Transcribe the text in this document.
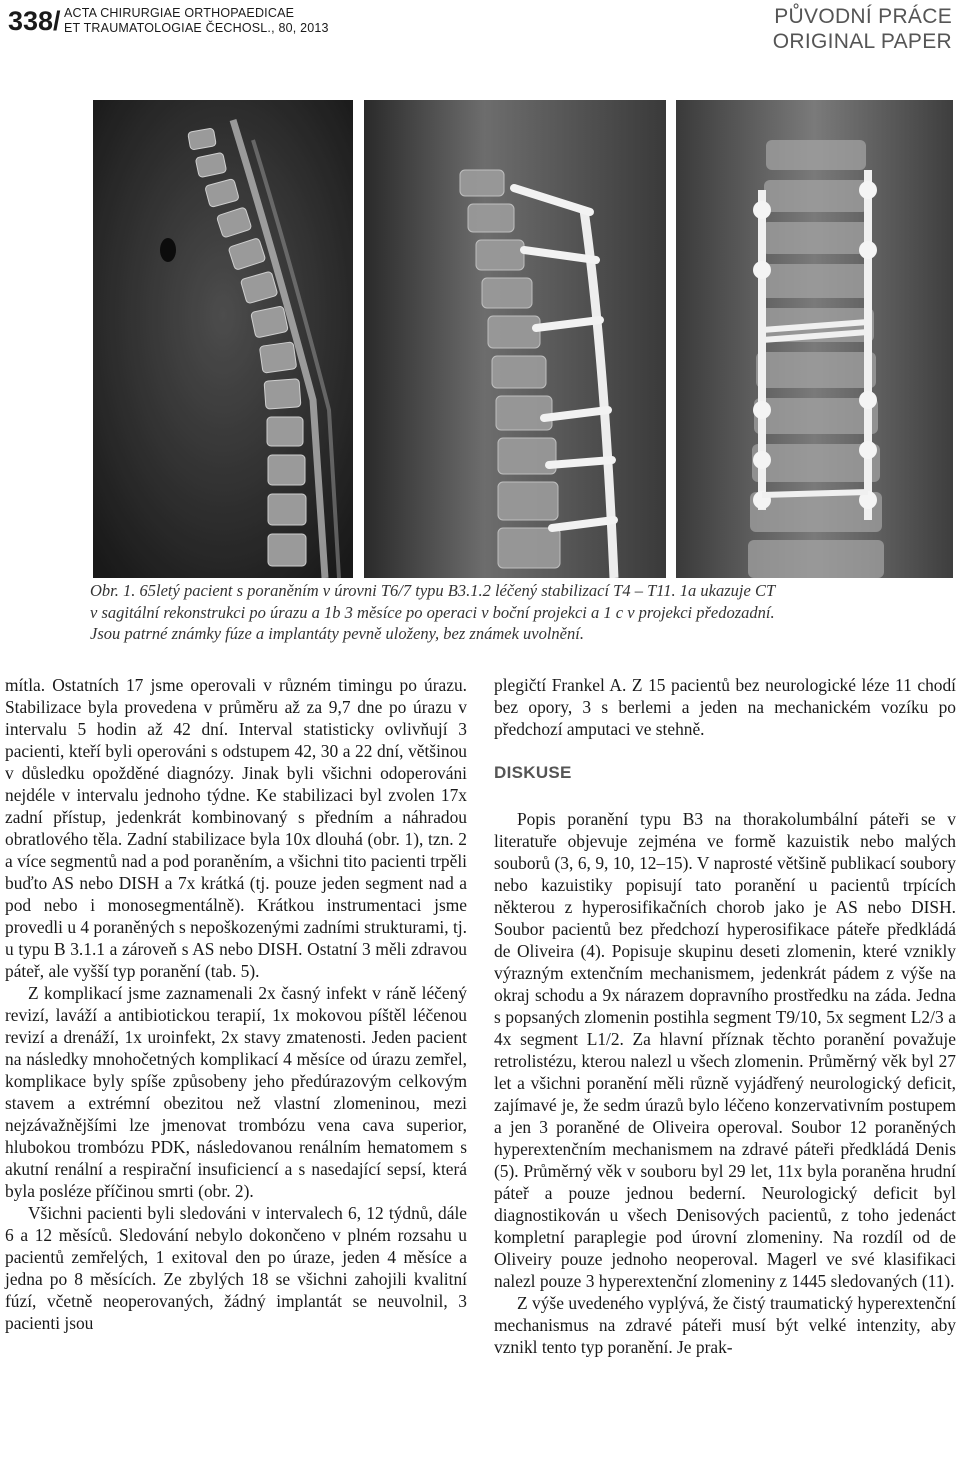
338/ ACTA CHIRURGIAE ORTHOPAEDICAE
ET TRAUMATOLOGIAE ČECHOSL., 80, 2013	PŮVODNÍ PRÁCE
ORIGINAL PAPER
Obr. 1. 65letý pacient s poraněním v úrovni T6/7 typu B3.1.2 léčený stabilizací T4 – T11. 1a ukazuje CT
v sagitální rekonstrukci po úrazu a 1b 3 měsíce po operaci v boční projekci a 1 c v projekci předozadní.
Jsou patrné známky fúze a implantáty pevně uloženy, bez známek uvolnění.

mítla. Ostatních 17 jsme operovali v různém timingu po úrazu. Stabilizace byla provedena v průměru až za 9,7 dne po úrazu v intervalu 5 hodin až 42 dní. Interval statisticky ovlivňují 3 pacienti, kteří byli operováni s odstupem 42, 30 a 22 dní, většinou v důsledku opožděné diagnózy. Jinak byli všichni odoperováni nejdéle v intervalu jednoho týdne. Ke stabilizaci byl zvolen 17x zadní přístup, jedenkrát kombinovaný s předním a náhradou obratlového těla. Zadní stabilizace byla 10x dlouhá (obr. 1), tzn. 2 a více segmentů nad a pod poraněním, a všichni tito pacienti trpěli buďto AS nebo DISH a 7x krátká (tj. pouze jeden segment nad a pod nebo i monosegmentálně). Krátkou instrumentaci jsme provedli u 4 poraněných s nepoškozenými zadními strukturami, tj. u typu B 3.1.1 a zároveň s AS nebo DISH. Ostatní 3 měli zdravou páteř, ale vyšší typ poranění (tab. 5).

Z komplikací jsme zaznamenali 2x časný infekt v ráně léčený revizí, laváží a antibiotickou terapií, 1x mokovou píštěl léčenou revizí a drenáží, 1x uroinfekt, 2x stavy zmatenosti. Jeden pacient na následky mnohočetných komplikací 4 měsíce od úrazu zemřel, komplikace byly spíše způsobeny jeho předúrazovým celkovým stavem a extrémní obezitou než vlastní zlomeninou, mezi nejzávažnějšími lze jmenovat trombózu vena cava superior, hlubokou trombózu PDK, následovanou renálním hematomem s akutní renální a respirační insuficiencí a s nasedající sepsí, která byla posléze příčinou smrti (obr. 2).

Všichni pacienti byli sledováni v intervalech 6, 12 týdnů, dále 6 a 12 měsíců. Sledování nebylo dokončeno v plném rozsahu u pacientů zemřelých, 1 exitoval den po úraze, jeden 4 měsíce a jedna po 8 měsících. Ze zbylých 18 se všichni zahojili kvalitní fúzí, včetně neoperovaných, žádný implantát se neuvolnil, 3 pacienti jsou

plegičtí Frankel A. Z 15 pacientů bez neurologické léze 11 chodí bez opory, 3 s berlemi a jeden na mechanickém vozíku po předchozí amputaci ve stehně.

DISKUSE

Popis poranění typu B3 na thorakolumbální páteři se v literatuře objevuje zejména ve formě kazuistik nebo malých souborů (3, 6, 9, 10, 12–15). V naprosté většině publikací soubory nebo kazuistiky popisují tato poranění u pacientů trpících některou z hyperosifikačních chorob jako je AS nebo DISH. Soubor pacientů bez předchozí hyperosifikace páteře předkládá de Oliveira (4). Popisuje skupinu deseti zlomenin, které vznikly výrazným extenčním mechanismem, jedenkrát pádem z výše na okraj schodu a 9x nárazem dopravního prostředku na záda. Jedna s popsaných zlomenin postihla segment T9/10, 5x segment L2/3 a 4x segment L1/2. Za hlavní příznak těchto poranění považuje retrolistézu, kterou nalezl u všech zlomenin. Průměrný věk byl 27 let a všichni poranění měli různě vyjádřený neurologický deficit, zajímavé je, že sedm úrazů bylo léčeno konzervativním postupem a jen 3 poraněné de Oliveira operoval. Soubor 12 poraněných hyperextenčním mechanismem na zdravé páteři předkládá Denis (5). Průměrný věk v souboru byl 29 let, 11x byla poraněna hrudní páteř a pouze jednou bederní. Neurologický deficit byl diagnostikován u všech Denisových pacientů, z toho jedenáct kompletní paraplegie pod úrovní zlomeniny. Na rozdíl od de Oliveiry pouze jednoho neoperoval. Magerl ve své klasifikaci nalezl pouze 3 hyperextenční zlomeniny z 1445 sledovaných (11).

Z výše uvedeného vyplývá, že čistý traumatický hyperextenční mechanismus na zdravé páteři musí být velké intenzity, aby vznikl tento typ poranění. Je prak-
